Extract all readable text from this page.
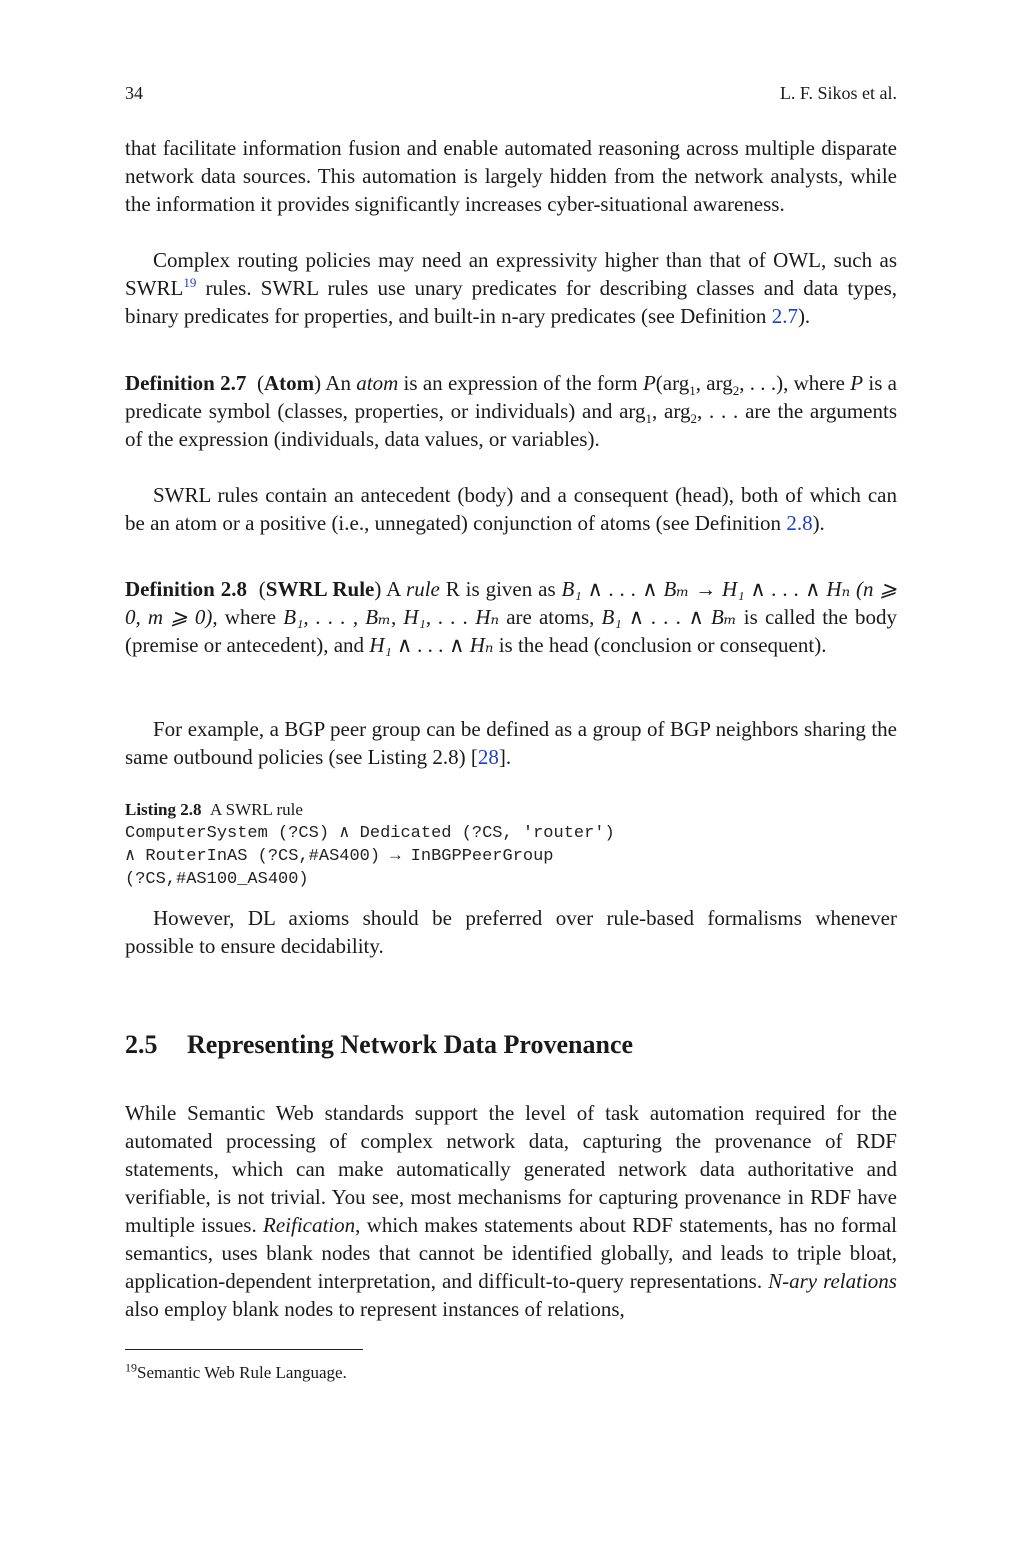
34	L. F. Sikos et al.
that facilitate information fusion and enable automated reasoning across multiple disparate network data sources. This automation is largely hidden from the network analysts, while the information it provides significantly increases cyber-situational awareness.
Complex routing policies may need an expressivity higher than that of OWL, such as SWRL$^{19}$ rules. SWRL rules use unary predicates for describing classes and data types, binary predicates for properties, and built-in n-ary predicates (see Definition 2.7).
Definition 2.7  (Atom) An atom is an expression of the form P(arg$_1$, arg$_2$, . . .), where P is a predicate symbol (classes, properties, or individuals) and arg$_1$, arg$_2$, . . . are the arguments of the expression (individuals, data values, or variables).
SWRL rules contain an antecedent (body) and a consequent (head), both of which can be an atom or a positive (i.e., unnegated) conjunction of atoms (see Definition 2.8).
Definition 2.8  (SWRL Rule) A rule R is given as B₁ ∧ . . . ∧ Bₘ → H₁ ∧ . . . ∧ Hₙ (n ⩾ 0, m ⩾ 0), where B₁, . . . , Bₘ, H₁, . . . Hₙ are atoms, B₁ ∧ . . . ∧ Bₘ is called the body (premise or antecedent), and H₁ ∧ . . . ∧ Hₙ is the head (conclusion or consequent).
For example, a BGP peer group can be defined as a group of BGP neighbors sharing the same outbound policies (see Listing 2.8) [28].
Listing 2.8 A SWRL rule
ComputerSystem (?CS) ∧ Dedicated (?CS, 'router')
∧ RouterInAS (?CS,#AS400) → InBGPPeerGroup
(?CS,#AS100_AS400)
However, DL axioms should be preferred over rule-based formalisms whenever possible to ensure decidability.
2.5 Representing Network Data Provenance
While Semantic Web standards support the level of task automation required for the automated processing of complex network data, capturing the provenance of RDF statements, which can make automatically generated network data authoritative and verifiable, is not trivial. You see, most mechanisms for capturing provenance in RDF have multiple issues. Reification, which makes statements about RDF statements, has no formal semantics, uses blank nodes that cannot be identified globally, and leads to triple bloat, application-dependent interpretation, and difficult-to-query representations. N-ary relations also employ blank nodes to represent instances of relations,
$^{19}$Semantic Web Rule Language.
